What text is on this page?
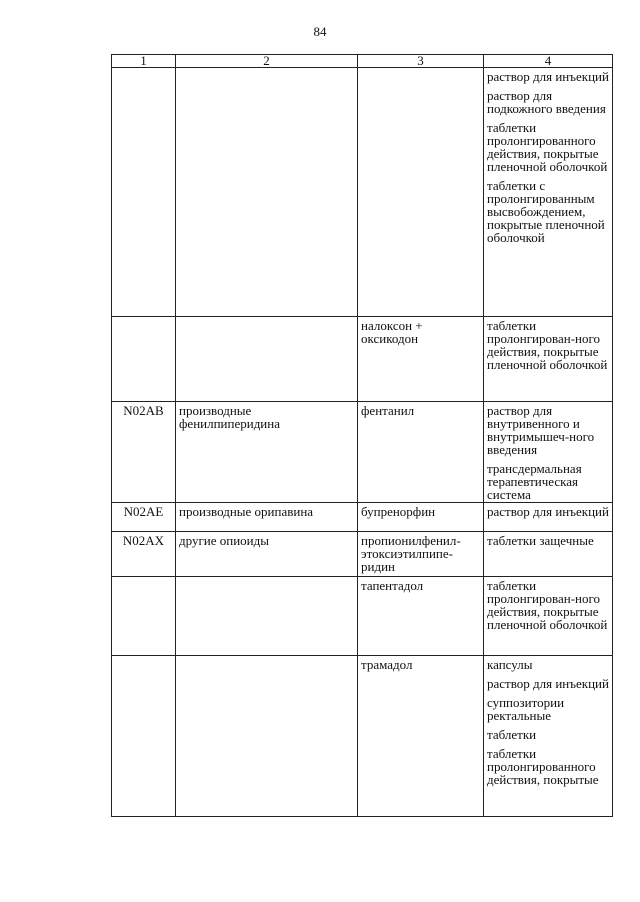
84
1	2	3	4

			раствор для инъекций
раствор для подкожного введения
таблетки пролонгированного действия, покрытые пленочной оболочкой
таблетки с пролонгированным высвобождением, покрытые пленочной оболочкой

		налоксон + оксикодон	таблетки пролонгирован-ного действия, покрытые пленочной оболочкой

N02AB	производные фенилпиперидина	фентанил	раствор для внутривенного и внутримышеч-ного введения
трансдермальная терапевтическая система

N02AE	производные орипавина	бупренорфин	раствор для инъекций

N02AX	другие опиоиды	пропионилфенил-этоксиэтилпипе-ридин	таблетки защечные

		тапентадол	таблетки пролонгирован-ного действия, покрытые пленочной оболочкой

		трамадол	капсулы
раствор для инъекций
суппозитории ректальные
таблетки
таблетки пролонгированного действия, покрытые
